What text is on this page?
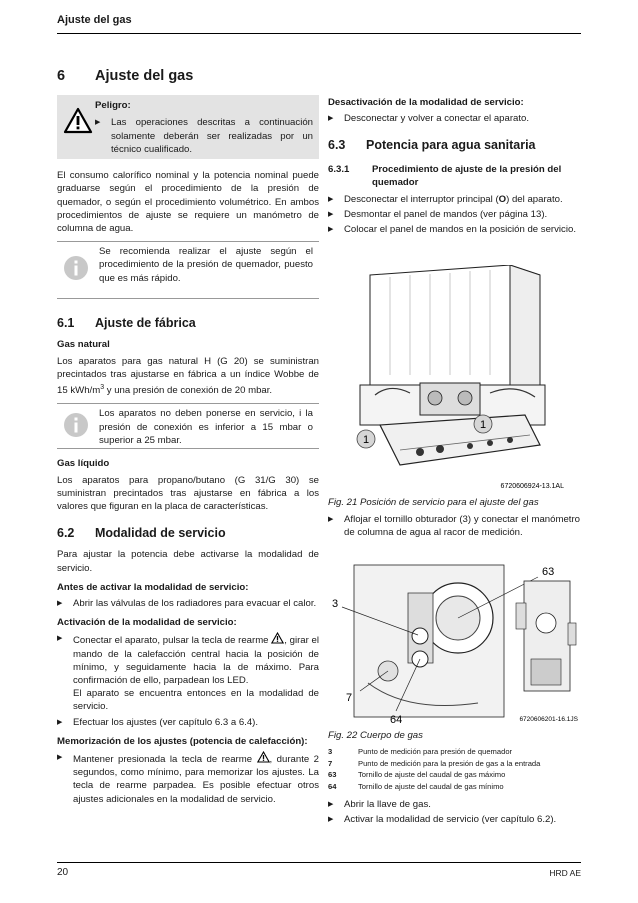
Ajuste del gas
6 Ajuste del gas
Peligro:
▶ Las operaciones descritas a continuación solamente deberán ser realizadas por un técnico cualificado.

El consumo calorífico nominal y la potencia nominal puede graduarse según el procedimiento de la presión de quemador, o según el procedimiento volumétrico. En ambos procedimientos de ajuste se requiere un manómetro de columna de agua.

Se recomienda realizar el ajuste según el procedimiento de la presión de quemador, puesto que es más rápido.
6.1 Ajuste de fábrica
Gas natural

Los aparatos para gas natural H (G 20) se suministran precintados tras ajustarse en fábrica a un índice Wobbe de 15 kWh/$m^3$ y una presión de conexión de 20 mbar.

Los aparatos no deben ponerse en servicio, i la presión de conexión es inferior a 15 mbar o superior a 25 mbar.
Gas líquido

Los aparatos para propano/butano (G 31/G 30) se suministran precintados tras ajustarse en fábrica a los valores que figuran en la placa de características.

6.2 Modalidad de servicio

Para ajustar la potencia debe activarse la modalidad de servicio.

Antes de activar la modalidad de servicio:
▶ Abrir las válvulas de los radiadores para evacuar el calor.
Activación de la modalidad de servicio:
▶ Conectar el aparato, pulsar la tecla de rearme , girar el mando de la calefacción central hacia la posición de mínimo, y seguidamente hacia la de máximo. Para confirmación de ello, parpadean los LED.
El aparato se encuentra entonces en la modalidad de servicio.
▶ Efectuar los ajustes (ver capítulo 6.3 a 6.4).
Memorización de los ajustes (potencia de calefacción):
▶ Mantener presionada la tecla de rearme , durante 2 segundos, como mínimo, para memorizar los ajustes. La tecla de rearme parpadea. Es posible efectuar otros ajustes adicionales en la modalidad de servicio.
Desactivación de la modalidad de servicio:
▶ Desconectar y volver a conectar el aparato.
6.3 Potencia para agua sanitaria
6.3.1	Procedimiento de ajuste de la presión del quemador
▶ Desconectar el interruptor principal (O) del aparato.
▶ Desmontar el panel de mandos (ver página 13).
▶ Colocar el panel de mandos en la posición de servicio.
1
1
6720606924-13.1AL
Fig. 21 Posición de servicio para el ajuste del gas
▶ Aflojar el tornillo obturador (3) y conectar el manómetro de columna de agua al racor de medición.
3
7
63
64	6720606201-16.1JS
Fig. 22 Cuerpo de gas
3	Punto de medición para presión de quemador
7	Punto de medición para la presión de gas a la entrada
63	Tornillo de ajuste del caudal de gas máximo
64	Tornillo de ajuste del caudal de gas mínimo
▶ Abrir la llave de gas.
▶ Activar la modalidad de servicio (ver capítulo 6.2).
20	HRD AE
